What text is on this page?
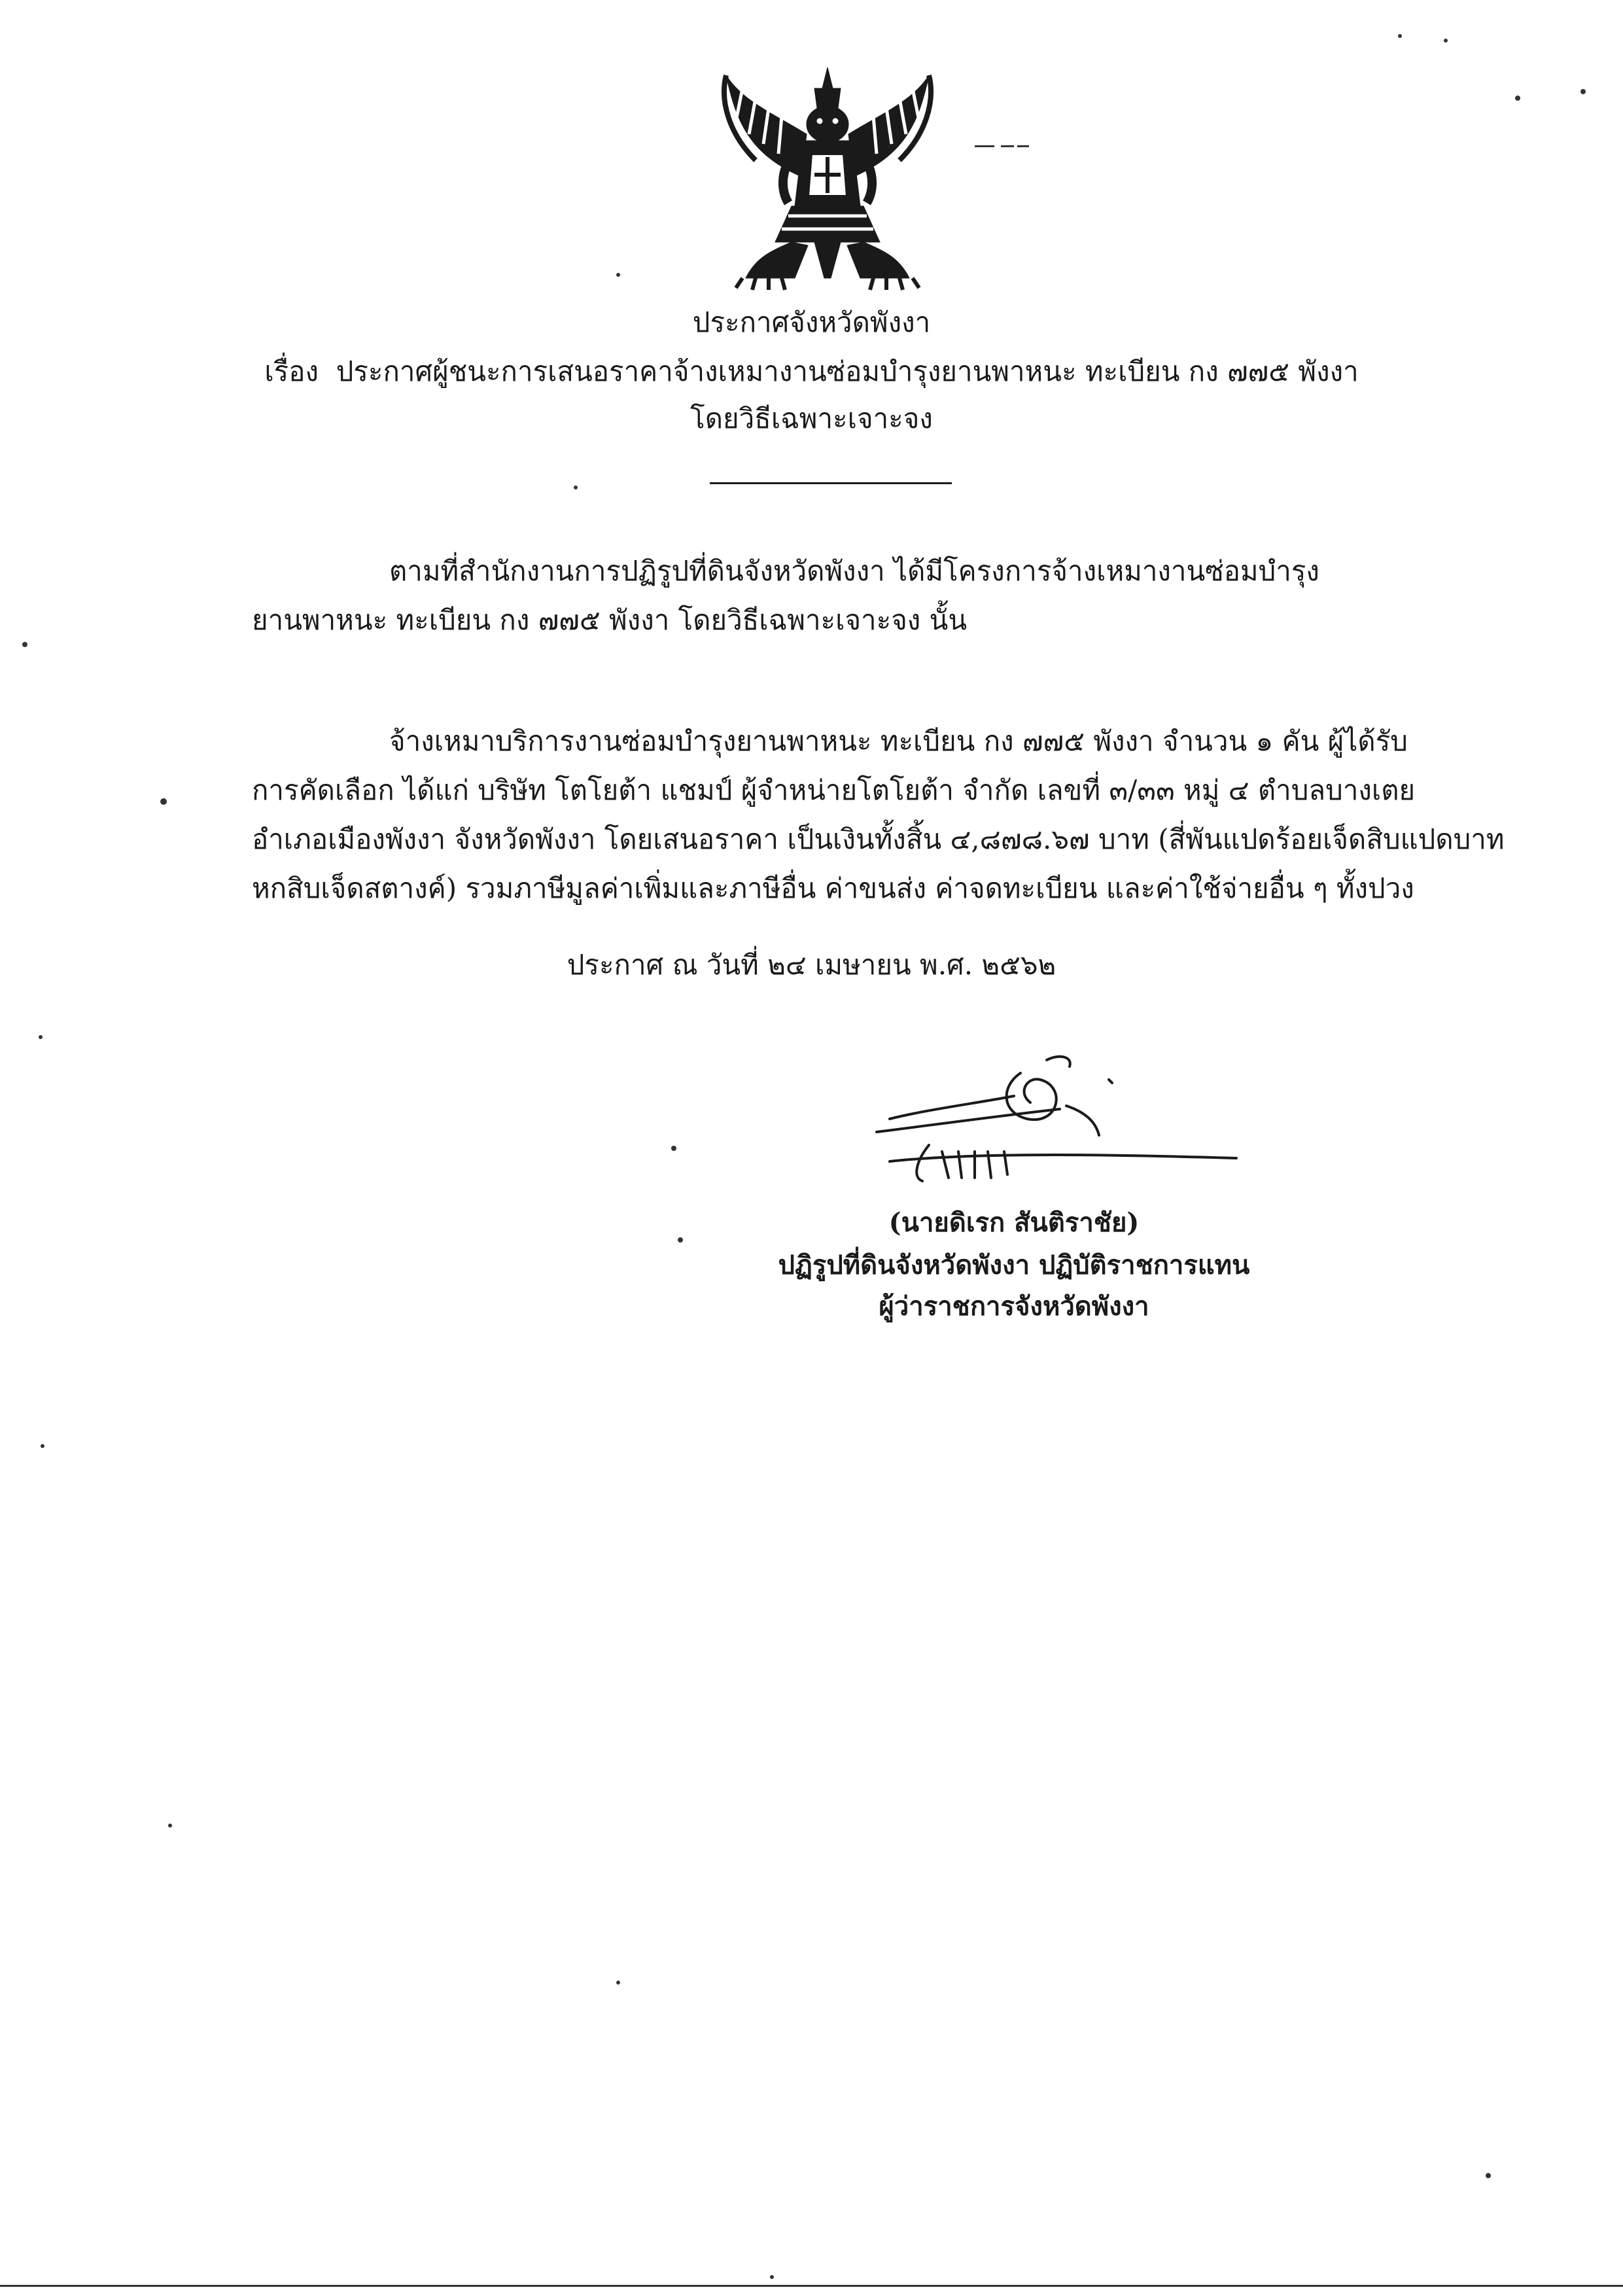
ประกาศจังหวัดพังงา
เรื่อง ประกาศผู้ชนะการเสนอราคาจ้างเหมางานซ่อมบำรุงยานพาหนะ ทะเบียน กง ๗๗๕ พังงา
โดยวิธีเฉพาะเจาะจง
ตามที่สำนักงานการปฏิรูปที่ดินจังหวัดพังงา ได้มีโครงการจ้างเหมางานซ่อมบำรุง
ยานพาหนะ ทะเบียน กง ๗๗๕ พังงา โดยวิธีเฉพาะเจาะจง นั้น
จ้างเหมาบริการงานซ่อมบำรุงยานพาหนะ ทะเบียน กง ๗๗๕ พังงา จำนวน ๑ คัน ผู้ได้รับ
การคัดเลือก ได้แก่ บริษัท โตโยต้า แชมป์ ผู้จำหน่ายโตโยต้า จำกัด เลขที่ ๓/๓๓ หมู่ ๔ ตำบลบางเตย
อำเภอเมืองพังงา จังหวัดพังงา โดยเสนอราคา เป็นเงินทั้งสิ้น ๔,๘๗๘.๖๗ บาท (สี่พันแปดร้อยเจ็ดสิบแปดบาท
หกสิบเจ็ดสตางค์) รวมภาษีมูลค่าเพิ่มและภาษีอื่น ค่าขนส่ง ค่าจดทะเบียน และค่าใช้จ่ายอื่น ๆ ทั้งปวง
ประกาศ ณ วันที่ ๒๔ เมษายน พ.ศ. ๒๕๖๒
(นายดิเรก สันติราชัย)
ปฏิรูปที่ดินจังหวัดพังงา ปฏิบัติราชการแทน
ผู้ว่าราชการจังหวัดพังงา
